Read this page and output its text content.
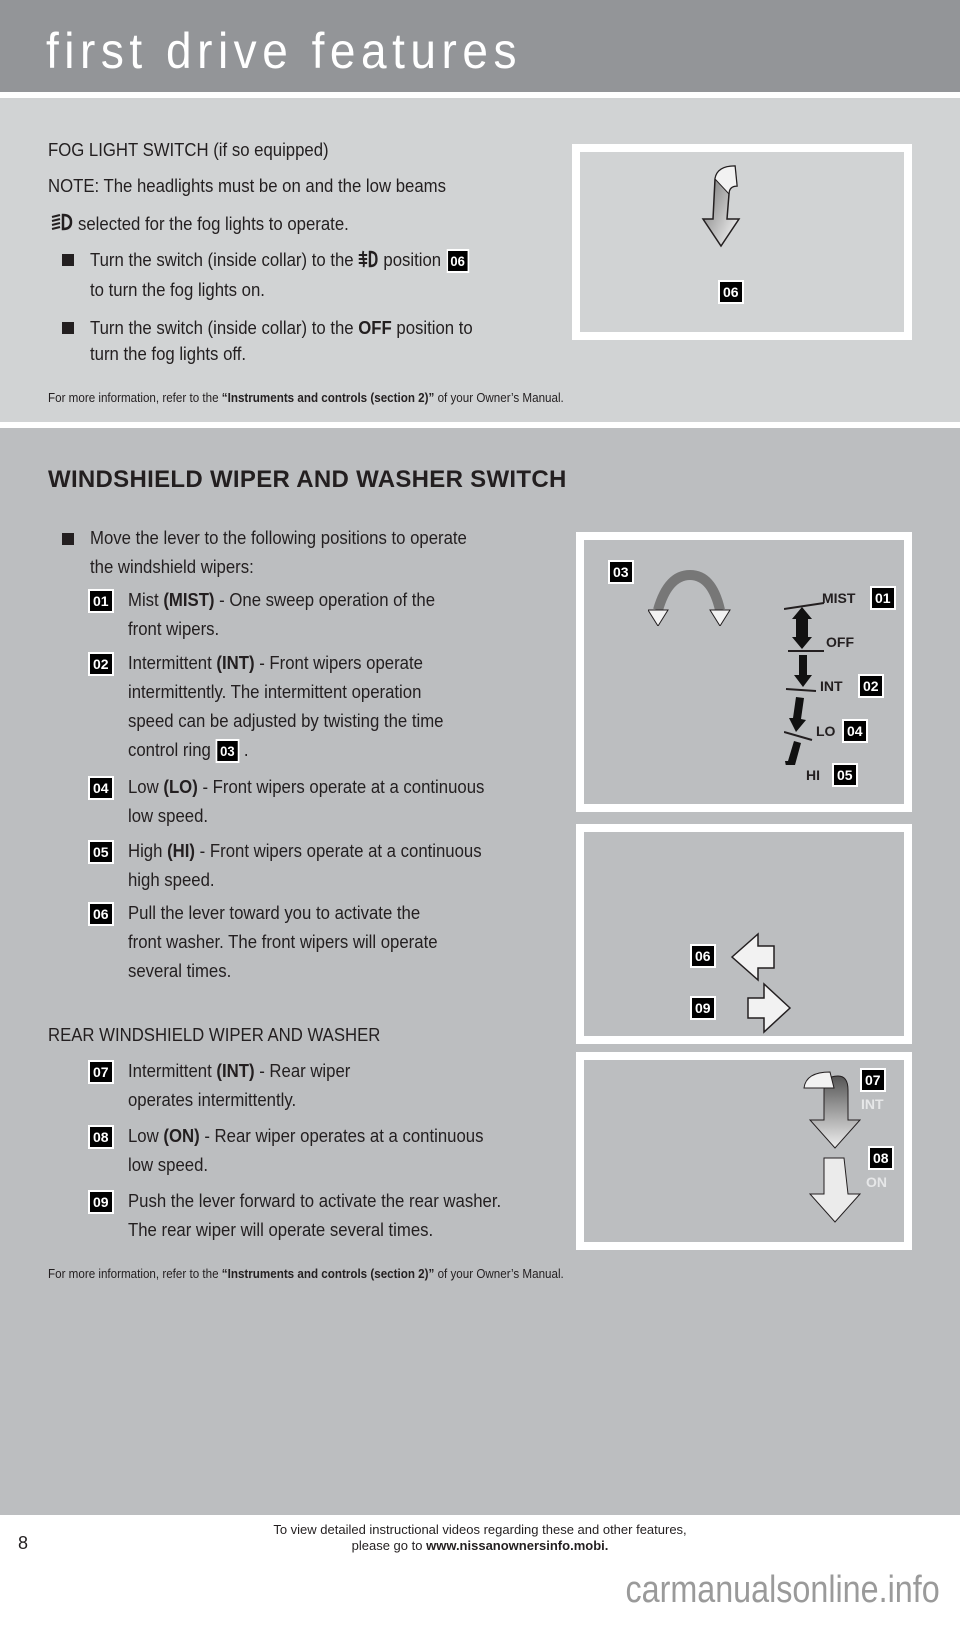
first drive features
FOG LIGHT SWITCH (if so equipped)
NOTE: The headlights must be on and the low beams
selected for the fog lights to operate.
Turn the switch (inside collar) to the position 06
to turn the fog lights on.
Turn the switch (inside collar) to the OFF position to
turn the fog lights off.
For more information, refer to the “Instruments and controls (section 2)” of your Owner’s Manual.
06
WINDSHIELD WIPER AND WASHER SWITCH
Move the lever to the following positions to operate
the windshield wipers:
01 Mist (MIST) - One sweep operation of the
front wipers.
02 Intermittent (INT) - Front wipers operate
intermittently. The intermittent operation
speed can be adjusted by twisting the time
control ring 03 .
04 Low (LO) - Front wipers operate at a continuous
low speed.
05 High (HI) - Front wipers operate at a continuous
high speed.
06 Pull the lever toward you to activate the
front washer. The front wipers will operate
several times.
07 Intermittent (INT) - Rear wiper
operates intermittently.
08 Low (ON) - Rear wiper operates at a continuous
low speed.
09 Push the lever forward to activate the rear washer.
The rear wiper will operate several times.
REAR WINDSHIELD WIPER AND WASHER
For more information, refer to the “Instruments and controls (section 2)” of your Owner’s Manual.
03
MIST	01
OFF
INT	02
LO 04
HI	05
06
09
07
INT
08
ON
8
To view detailed instructional videos regarding these and other features,
please go to www.nissanownersinfo.mobi.
carmanualsonline.info
